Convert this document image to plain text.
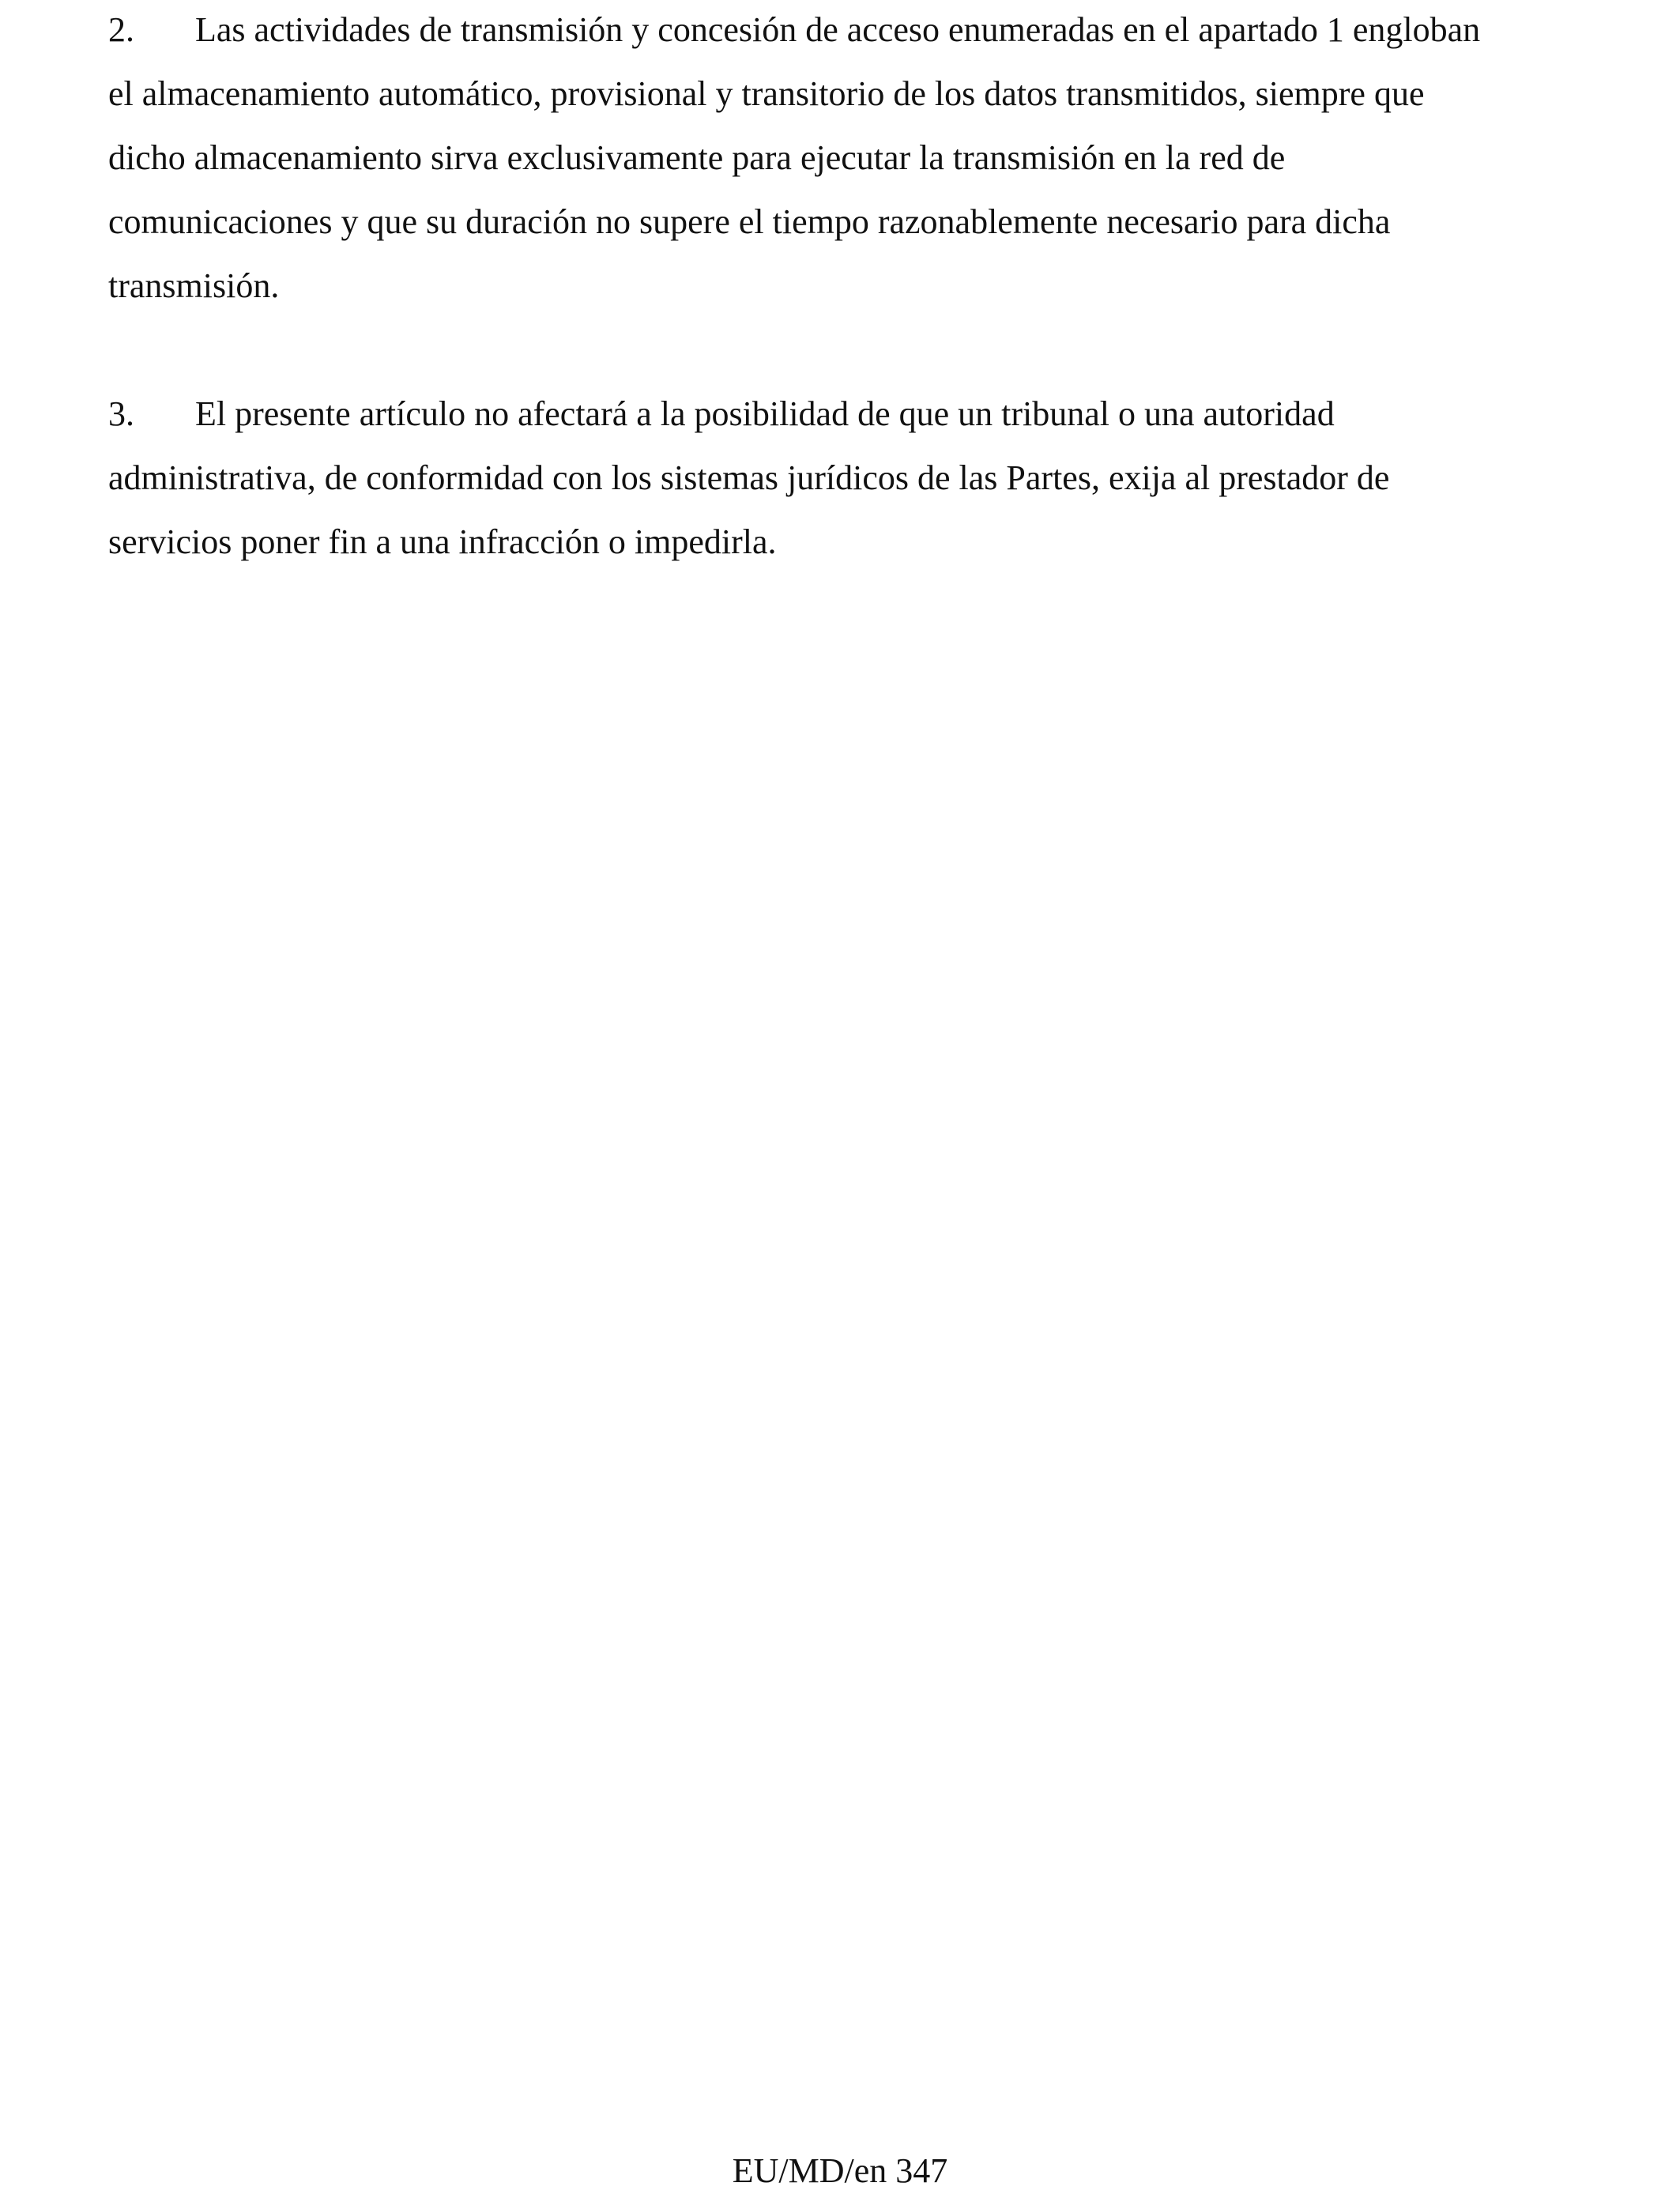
2. Las actividades de transmisión y concesión de acceso enumeradas en el apartado 1 engloban
el almacenamiento automático, provisional y transitorio de los datos transmitidos, siempre que
dicho almacenamiento sirva exclusivamente para ejecutar la transmisión en la red de
comunicaciones y que su duración no supere el tiempo razonablemente necesario para dicha
transmisión.
3. El presente artículo no afectará a la posibilidad de que un tribunal o una autoridad
administrativa, de conformidad con los sistemas jurídicos de las Partes, exija al prestador de
servicios poner fin a una infracción o impedirla.
EU/MD/en 347
